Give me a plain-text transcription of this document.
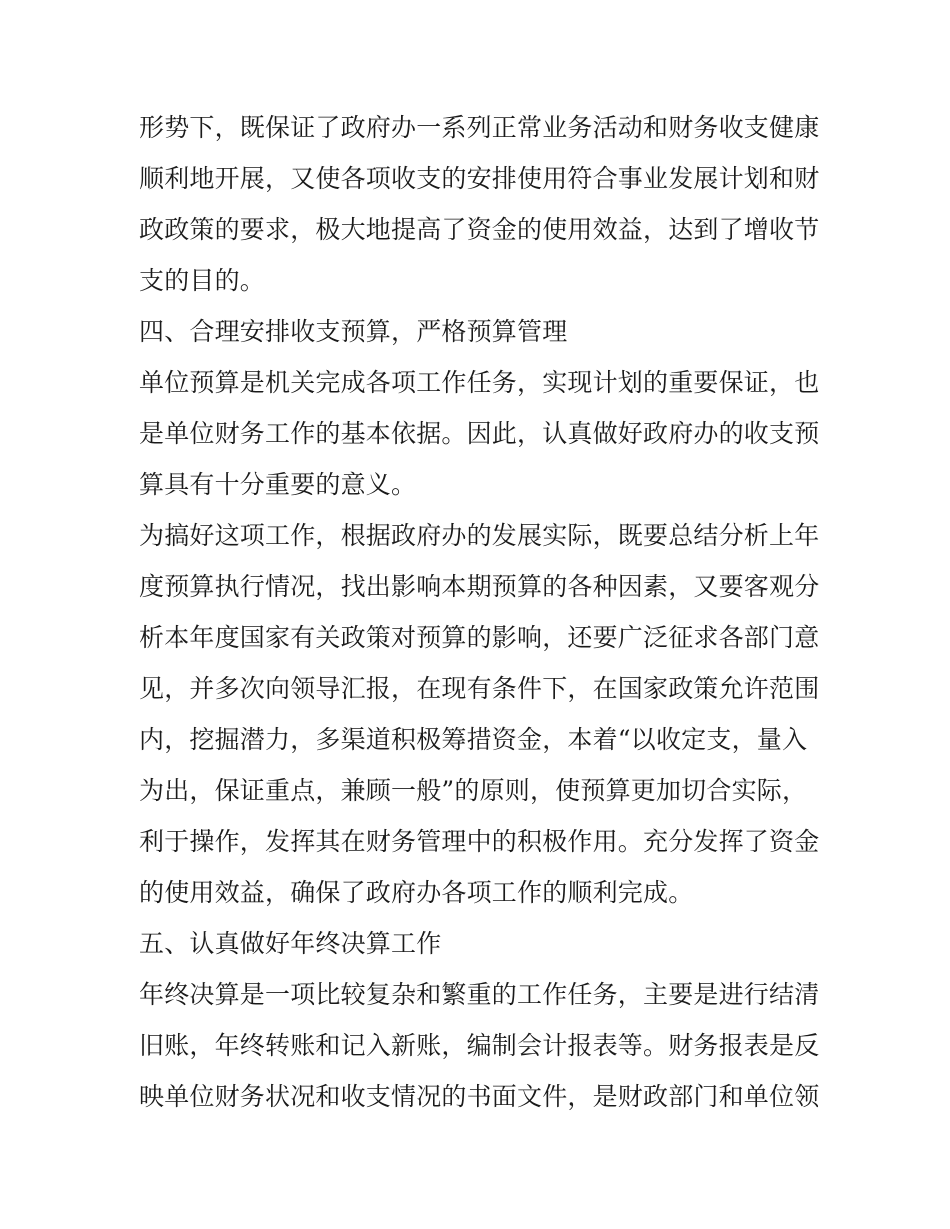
形势下，既保证了政府办一系列正常业务活动和财务收支健康
顺利地开展，又使各项收支的安排使用符合事业发展计划和财
政政策的要求，极大地提高了资金的使用效益，达到了增收节
支的目的。
四、合理安排收支预算，严格预算管理
单位预算是机关完成各项工作任务，实现计划的重要保证，也
是单位财务工作的基本依据。因此，认真做好政府办的收支预
算具有十分重要的意义。
为搞好这项工作，根据政府办的发展实际，既要总结分析上年
度预算执行情况，找出影响本期预算的各种因素，又要客观分
析本年度国家有关政策对预算的影响，还要广泛征求各部门意
见，并多次向领导汇报，在现有条件下，在国家政策允许范围
内，挖掘潜力，多渠道积极筹措资金，本着“以收定支，量入
为出，保证重点，兼顾一般”的原则，使预算更加切合实际，
利于操作，发挥其在财务管理中的积极作用。充分发挥了资金
的使用效益，确保了政府办各项工作的顺利完成。
五、认真做好年终决算工作
年终决算是一项比较复杂和繁重的工作任务，主要是进行结清
旧账，年终转账和记入新账，编制会计报表等。财务报表是反
映单位财务状况和收支情况的书面文件，是财政部门和单位领
